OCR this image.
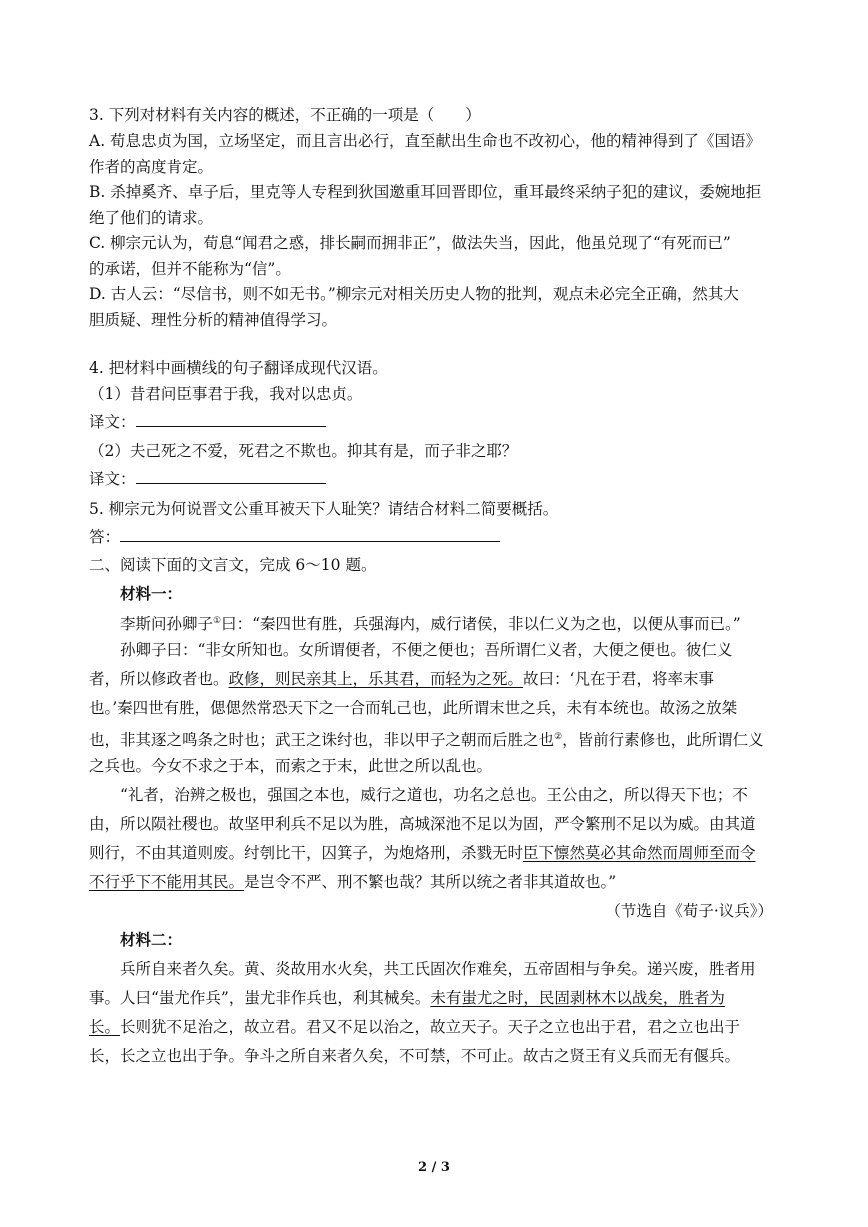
3. 下列对材料有关内容的概述，不正确的一项是（　　）
A. 荀息忠贞为国，立场坚定，而且言出必行，直至献出生命也不改初心，他的精神得到了《国语》
作者的高度肯定。
B. 杀掉奚齐、卓子后，里克等人专程到狄国邀重耳回晋即位，重耳最终采纳子犯的建议，委婉地拒
绝了他们的请求。
C. 柳宗元认为，荀息“闻君之惑，排长嗣而拥非正”，做法失当，因此，他虽兑现了“有死而已”
的承诺，但并不能称为“信”。
D. 古人云：“尽信书，则不如无书。”柳宗元对相关历史人物的批判，观点未必完全正确，然其大
胆质疑、理性分析的精神值得学习。
4. 把材料中画横线的句子翻译成现代汉语。
（1）昔君问臣事君于我，我对以忠贞。
译文：
（2）夫己死之不爱，死君之不欺也。抑其有是，而子非之耶？
译文：
5. 柳宗元为何说晋文公重耳被天下人耻笑？请结合材料二简要概括。
答：
二、阅读下面的文言文，完成 6～10 题。
材料一：
李斯问孙卿子①曰：“秦四世有胜，兵强海内，威行诸侯，非以仁义为之也，以便从事而已。”
孙卿子曰：“非女所知也。女所谓便者，不便之便也；吾所谓仁义者，大便之便也。彼仁义
者，所以修政者也。政修，则民亲其上，乐其君，而轻为之死。故曰：‘凡在于君，将率末事
也。’秦四世有胜，偲偲然常恐天下之一合而轧己也，此所谓末世之兵，未有本统也。故汤之放桀
也，非其逐之鸣条之时也；武王之诛纣也，非以甲子之朝而后胜之也②，皆前行素修也，此所谓仁义
之兵也。今女不求之于本，而索之于末，此世之所以乱也。
“礼者，治辨之极也，强国之本也，威行之道也，功名之总也。王公由之，所以得天下也；不
由，所以陨社稷也。故坚甲利兵不足以为胜，高城深池不足以为固，严令繁刑不足以为威。由其道
则行，不由其道则废。纣刳比干，囚箕子，为炮烙刑，杀戮无时臣下懔然莫必其命然而周师至而令
不行乎下不能用其民。是岂令不严、刑不繁也哉？其所以统之者非其道故也。”
（节选自《荀子·议兵》）
材料二：
兵所自来者久矣。黄、炎故用水火矣，共工氏固次作难矣，五帝固相与争矣。递兴废，胜者用
事。人曰“蚩尤作兵”，蚩尤非作兵也，利其械矣。未有蚩尤之时，民固剥林木以战矣，胜者为
长。长则犹不足治之，故立君。君又不足以治之，故立天子。天子之立也出于君，君之立也出于
长，长之立也出于争。争斗之所自来者久矣，不可禁，不可止。故古之贤王有义兵而无有偃兵。
2 / 3
